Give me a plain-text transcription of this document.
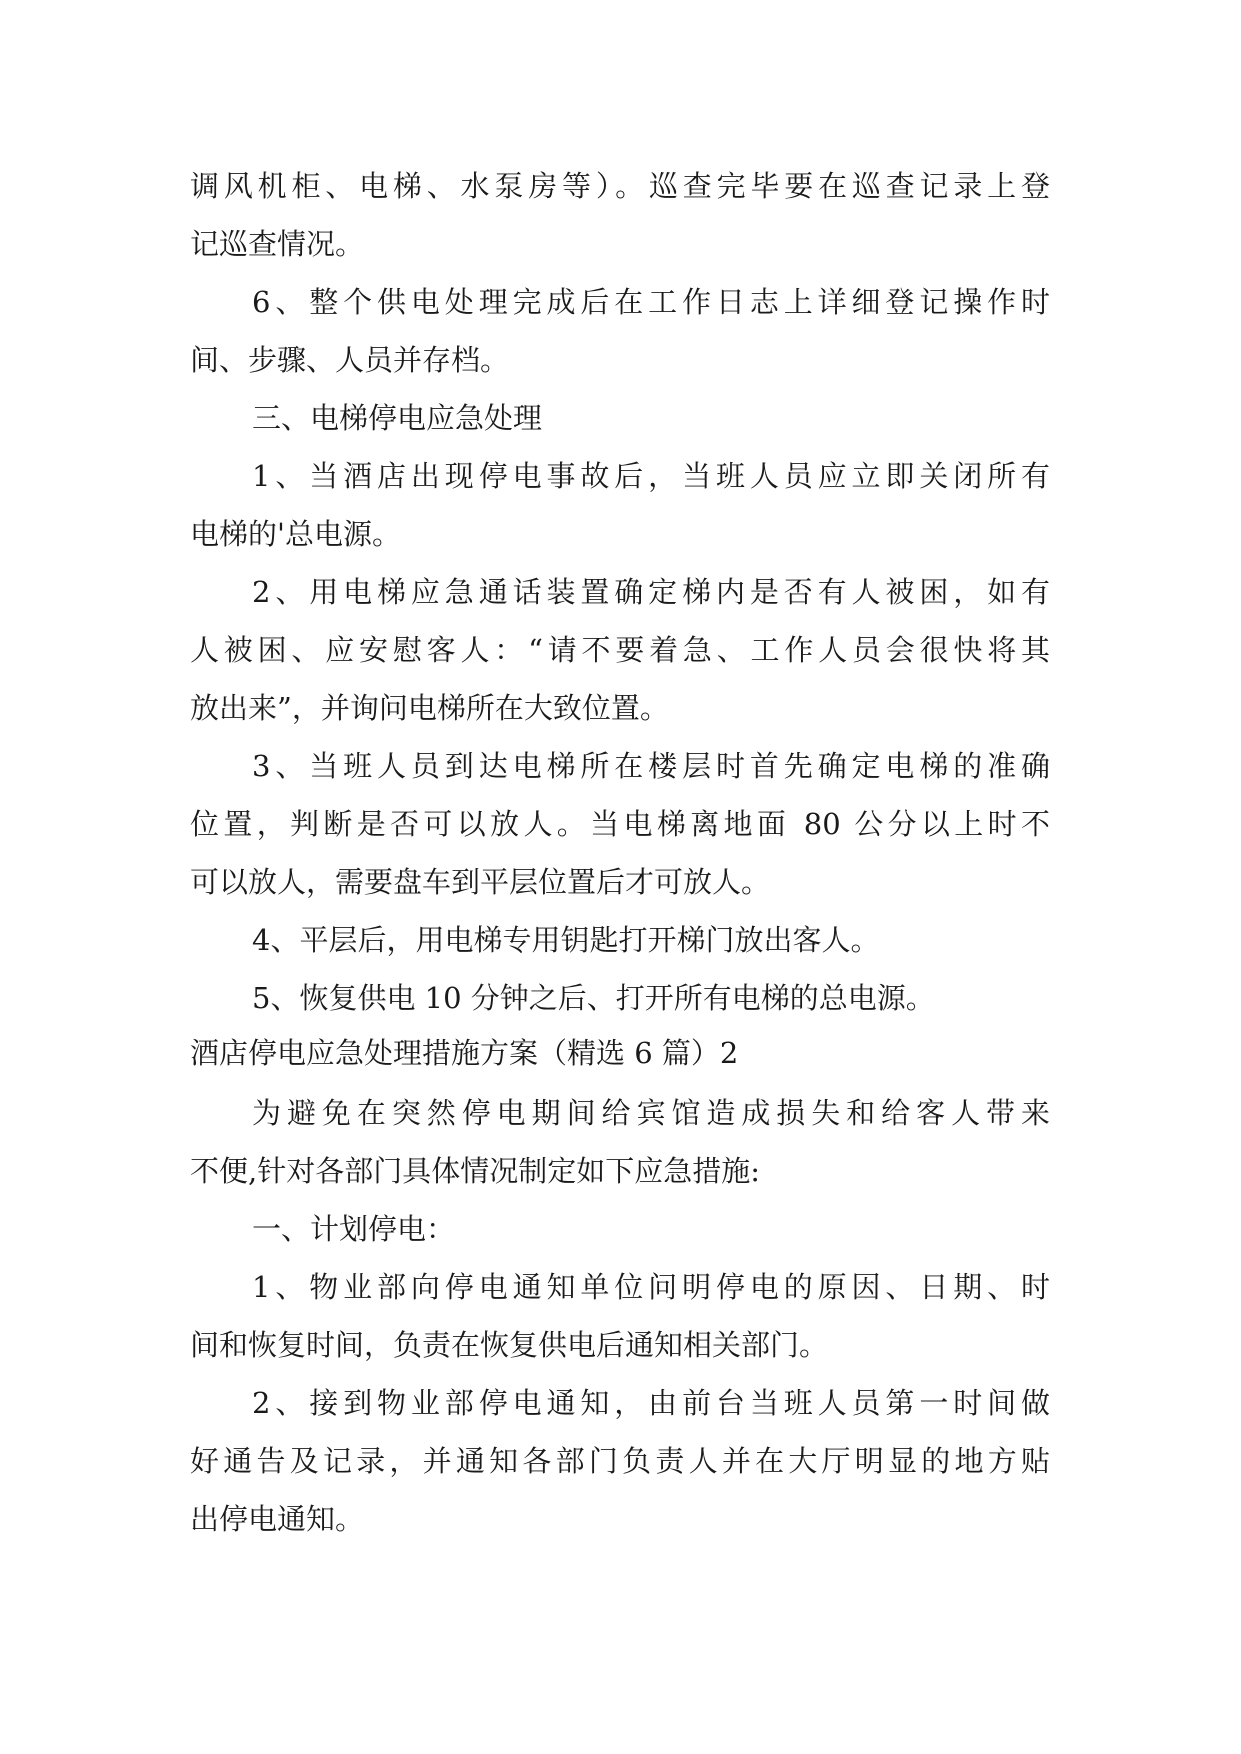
调风机柜、电梯、水泵房等）。巡查完毕要在巡查记录上登
记巡查情况。
6、整个供电处理完成后在工作日志上详细登记操作时
间、步骤、人员并存档。
三、电梯停电应急处理
1、当酒店出现停电事故后，当班人员应立即关闭所有
电梯的'总电源。
2、用电梯应急通话装置确定梯内是否有人被困，如有
人被困、应安慰客人：“请不要着急、工作人员会很快将其
放出来”，并询问电梯所在大致位置。
3、当班人员到达电梯所在楼层时首先确定电梯的准确
位置，判断是否可以放人。当电梯离地面 80 公分以上时不
可以放人，需要盘车到平层位置后才可放人。
4、平层后，用电梯专用钥匙打开梯门放出客人。
5、恢复供电 10 分钟之后、打开所有电梯的总电源。
酒店停电应急处理措施方案（精选 6 篇）2
为避免在突然停电期间给宾馆造成损失和给客人带来
不便,针对各部门具体情况制定如下应急措施:
一、计划停电：
1、物业部向停电通知单位问明停电的原因、日期、时
间和恢复时间，负责在恢复供电后通知相关部门。
2、接到物业部停电通知，由前台当班人员第一时间做
好通告及记录，并通知各部门负责人并在大厅明显的地方贴
出停电通知。
